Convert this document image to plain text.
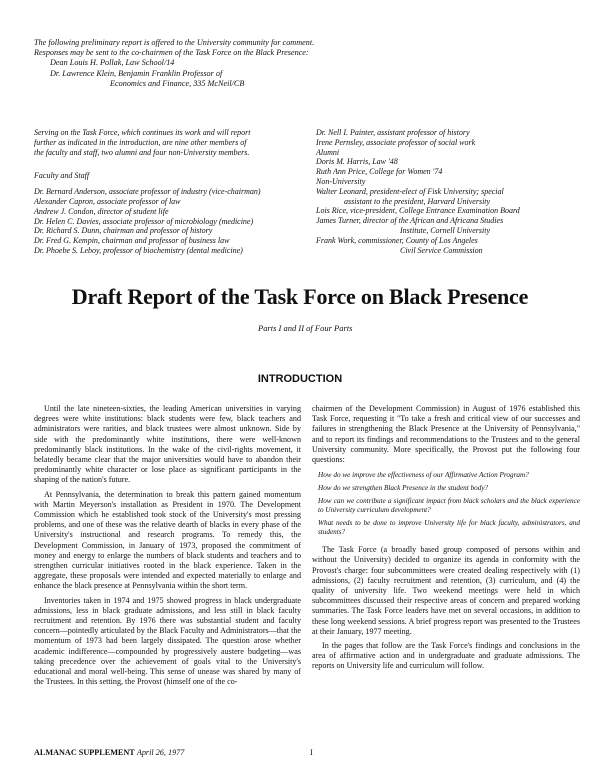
The following preliminary report is offered to the University community for comment.
Responses may be sent to the co-chairmen of the Task Force on the Black Presence:
Dean Louis H. Pollak, Law School/14
Dr. Lawrence Klein, Benjamin Franklin Professor of
Economics and Finance, 335 McNeil/CB
Serving on the Task Force, which continues its work and will report
further as indicated in the introduction, are nine other members of
the faculty and staff, two alumni and four non-University members.
Faculty and Staff
Dr. Bernard Anderson, associate professor of industry (vice-chairman)
Alexander Capron, associate professor of law
Andrew J. Condon, director of student life
Dr. Helen C. Davies, associate professor of microbiology (medicine)
Dr. Richard S. Dunn, chairman and professor of history
Dr. Fred G. Kempin, chairman and professor of business law
Dr. Phoebe S. Leboy, professor of biochemistry (dental medicine)
Dr. Nell I. Painter, assistant professor of history
Irene Pernsley, associate professor of social work
Alumni
Doris M. Harris, Law '48
Ruth Ann Price, College for Women '74
Non-University
Walter Leonard, president-elect of Fisk University; special
assistant to the president, Harvard University
Lois Rice, vice-president, College Entrance Examination Board
James Turner, director of the African and Africana Studies
Institute, Cornell University
Frank Work, commissioner, County of Los Angeles
Civil Service Commission
Draft Report of the Task Force on Black Presence
Parts I and II of Four Parts
INTRODUCTION

Until the late nineteen-sixties, the leading American universities in varying degrees were white institutions: black students were few, black teachers and administrators were rarities, and black trustees were almost unknown. Side by side with the predominantly white institutions, there were well-known predominantly black institutions. In the wake of the civil-rights movement, it belatedly became clear that the major universities would have to abandon their predominantly white character or lose place as significant participants in the shaping of the nation's future.

At Pennsylvania, the determination to break this pattern gained momentum with Martin Meyerson's installation as President in 1970. The Development Commission which he established took stock of the University's most pressing problems, and one of these was the relative dearth of blacks in every phase of the University's instructional and research programs. To remedy this, the Development Commission, in January of 1973, proposed the commitment of money and energy to enlarge the numbers of black students and teachers and to strengthen curricular initiatives rooted in the black experience. Taken in the aggregate, these proposals were intended and expected materially to enlarge and enhance the black presence at Pennsylvania within the short term.

Inventories taken in 1974 and 1975 showed progress in black undergraduate admissions, less in black graduate admissions, and less still in black faculty recruitment and retention. By 1976 there was substantial student and faculty concern—pointedly articulated by the Black Faculty and Administrators—that the momentum of 1973 had been largely dissipated. The question arose whether academic indifference—compounded by progressively austere budgeting—was taking precedence over the achievement of goals vital to the University's educational and moral well-being. This sense of unease was shared by many of the Trustees. In this setting, the Provost (himself one of the co-

chairmen of the Development Commission) in August of 1976 established this Task Force, requesting it "To take a fresh and critical view of our successes and failures in strengthening the Black Presence at the University of Pennsylvania," and to report its findings and recommendations to the Trustees and to the general University community. More specifically, the Provost put the following four questions:

How do we improve the effectiveness of our Affirmative Action Program?
How do we strengthen Black Presence in the student body?
How can we contribute a significant impact from black scholars and the black experience to University curriculum development?
What needs to be done to improve University life for black faculty, administrators, and students?

The Task Force (a broadly based group composed of persons within and without the University) decided to organize its agenda in conformity with the Provost's charge: four subcommittees were created dealing respectively with (1) admissions, (2) faculty recruitment and retention, (3) curriculum, and (4) the quality of university life. Two weekend meetings were held in which subcommittees discussed their respective areas of concern and prepared working summaries. The Task Force leaders have met on several occasions, in addition to these long weekend sessions. A brief progress report was presented to the Trustees at their January, 1977 meeting.

In the pages that follow are the Task Force's findings and conclusions in the area of affirmative action and in undergraduate and graduate admissions. The reports on University life and curriculum will follow.

ALMANAC SUPPLEMENT April 26, 1977	I
